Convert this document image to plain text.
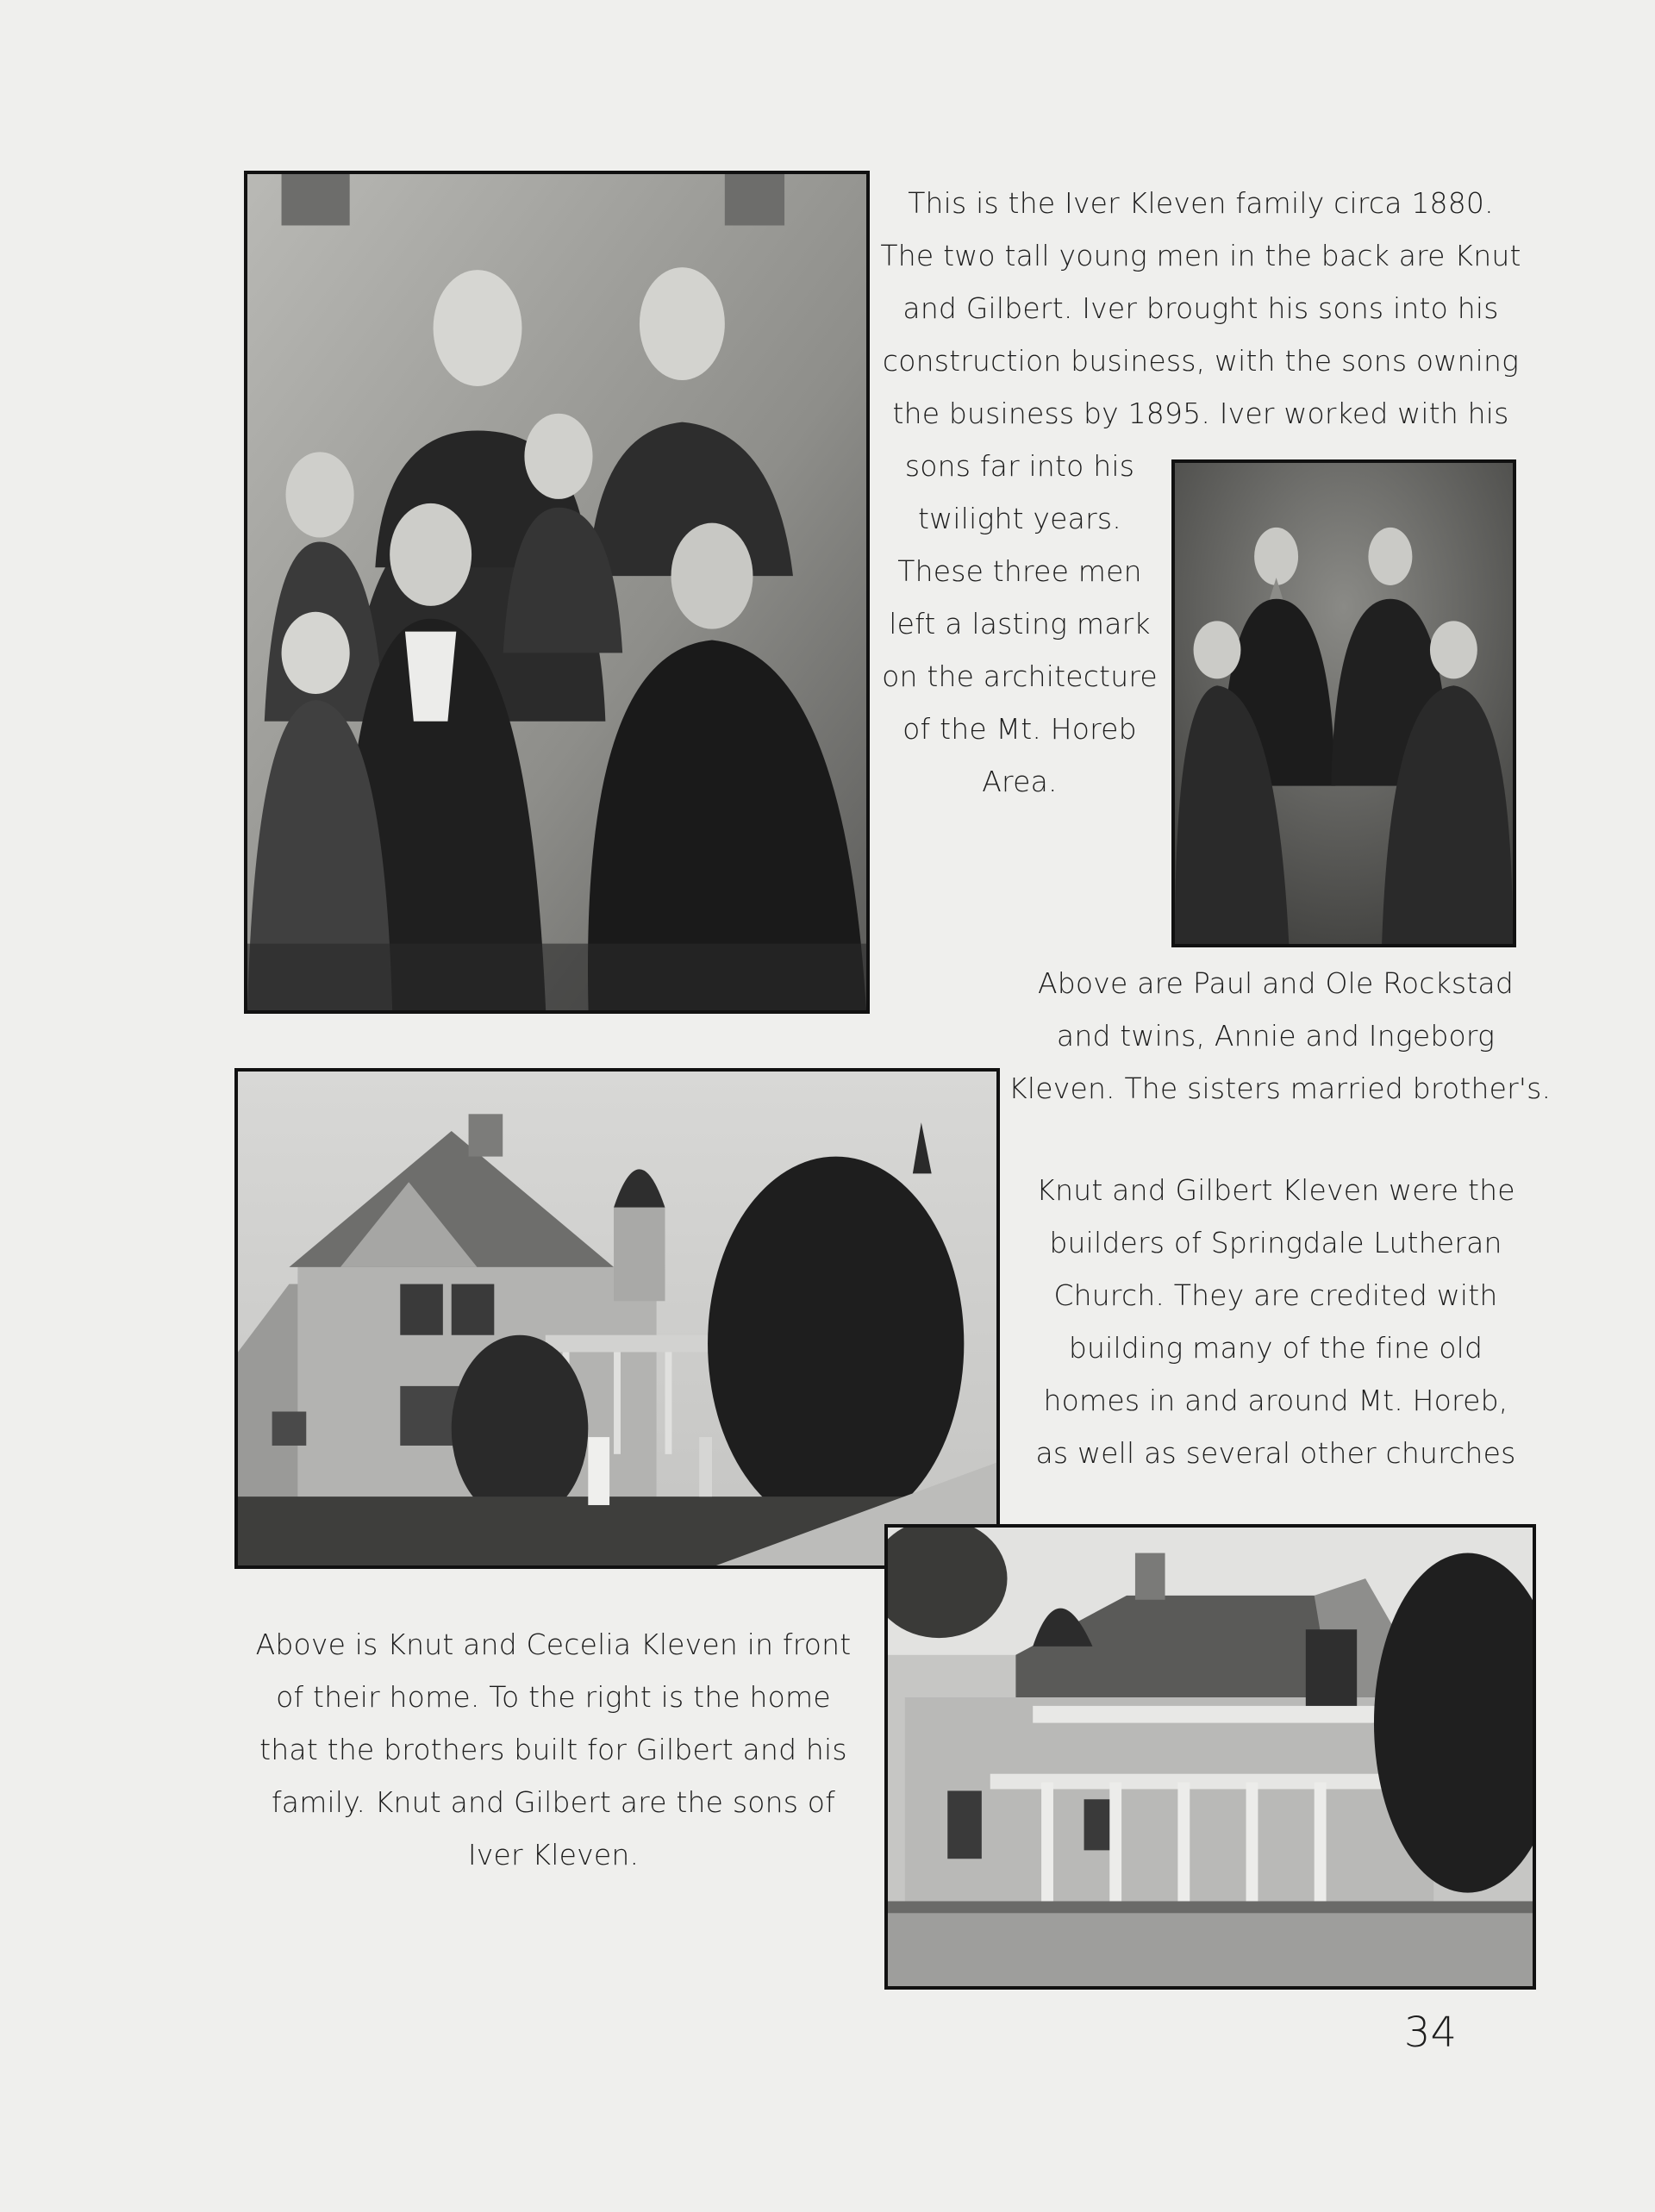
This is the Iver Kleven family circa 1880.
The two tall young men in the back are Knut
and Gilbert. Iver brought his sons into his
construction business, with the sons owning
the business by 1895. Iver worked with his
sons far into his
twilight years.
These three men
left a lasting mark
on the architecture
of the Mt. Horeb
Area.
Above are Paul and Ole Rockstad
and twins, Annie and Ingeborg
Kleven. The sisters married brother's.
Knut and Gilbert Kleven were the
builders of Springdale Lutheran
Church. They are credited with
building many of the fine old
homes in and around Mt. Horeb,
as well as several other churches
Above is Knut and Cecelia Kleven in front
of their home. To the right is the home
that the brothers built for Gilbert and his
family. Knut and Gilbert are the sons of
Iver Kleven.
34
